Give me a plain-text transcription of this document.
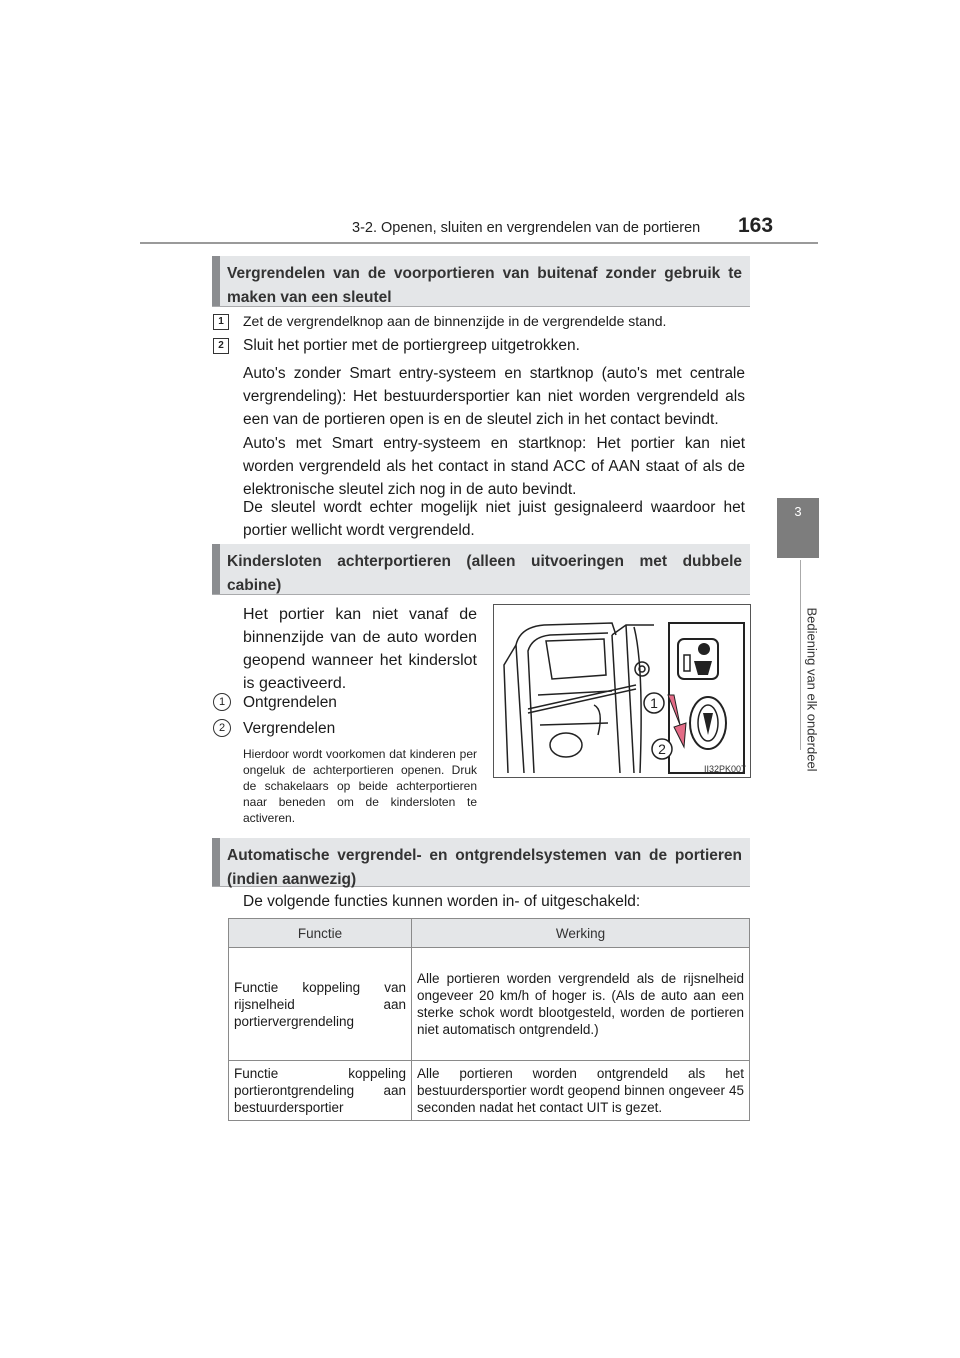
3-2. Openen, sluiten en vergrendelen van de portieren 163
3
Bediening van elk onderdeel
Vergrendelen van de voorportieren van buitenaf zonder gebruik te maken van een sleutel
1	Zet de vergrendelknop aan de binnenzijde in de vergrendelde stand.
2	Sluit het portier met de portiergreep uitgetrokken.
Auto's zonder Smart entry-systeem en startknop (auto's met centrale vergrendeling): Het bestuurdersportier kan niet worden vergrendeld als een van de portieren open is en de sleutel zich in het contact bevindt.
Auto's met Smart entry-systeem en startknop: Het portier kan niet worden vergrendeld als het contact in stand ACC of AAN staat of als de elektronische sleutel zich nog in de auto bevindt.
De sleutel wordt echter mogelijk niet juist gesignaleerd waardoor het portier wellicht wordt vergrendeld.
Kindersloten achterportieren (alleen uitvoeringen met dubbele cabine)
Het portier kan niet vanaf de binnenzijde van de auto worden geopend wanneer het kinderslot is geactiveerd.
1	Ontgrendelen
2	Vergrendelen
Hierdoor wordt voorkomen dat kinderen per ongeluk de achterportieren openen. Druk de schakelaars op beide achterportieren naar beneden om de kindersloten te activeren.
1
2
II32PK007
Automatische vergrendel- en ontgrendelsystemen van de portieren (indien aanwezig)
De volgende functies kunnen worden in- of uitgeschakeld:
Functie	Werking
Functie koppeling van rijsnelheid aan portiervergrendeling	Alle portieren worden vergrendeld als de rijsnelheid ongeveer 20 km/h of hoger is. (Als de auto aan een sterke schok wordt blootgesteld, worden de portieren niet automatisch ontgrendeld.)
Functie koppeling portierontgrendeling aan bestuurdersportier	Alle portieren worden ontgrendeld als het bestuurdersportier wordt geopend binnen ongeveer 45 seconden nadat het contact UIT is gezet.
